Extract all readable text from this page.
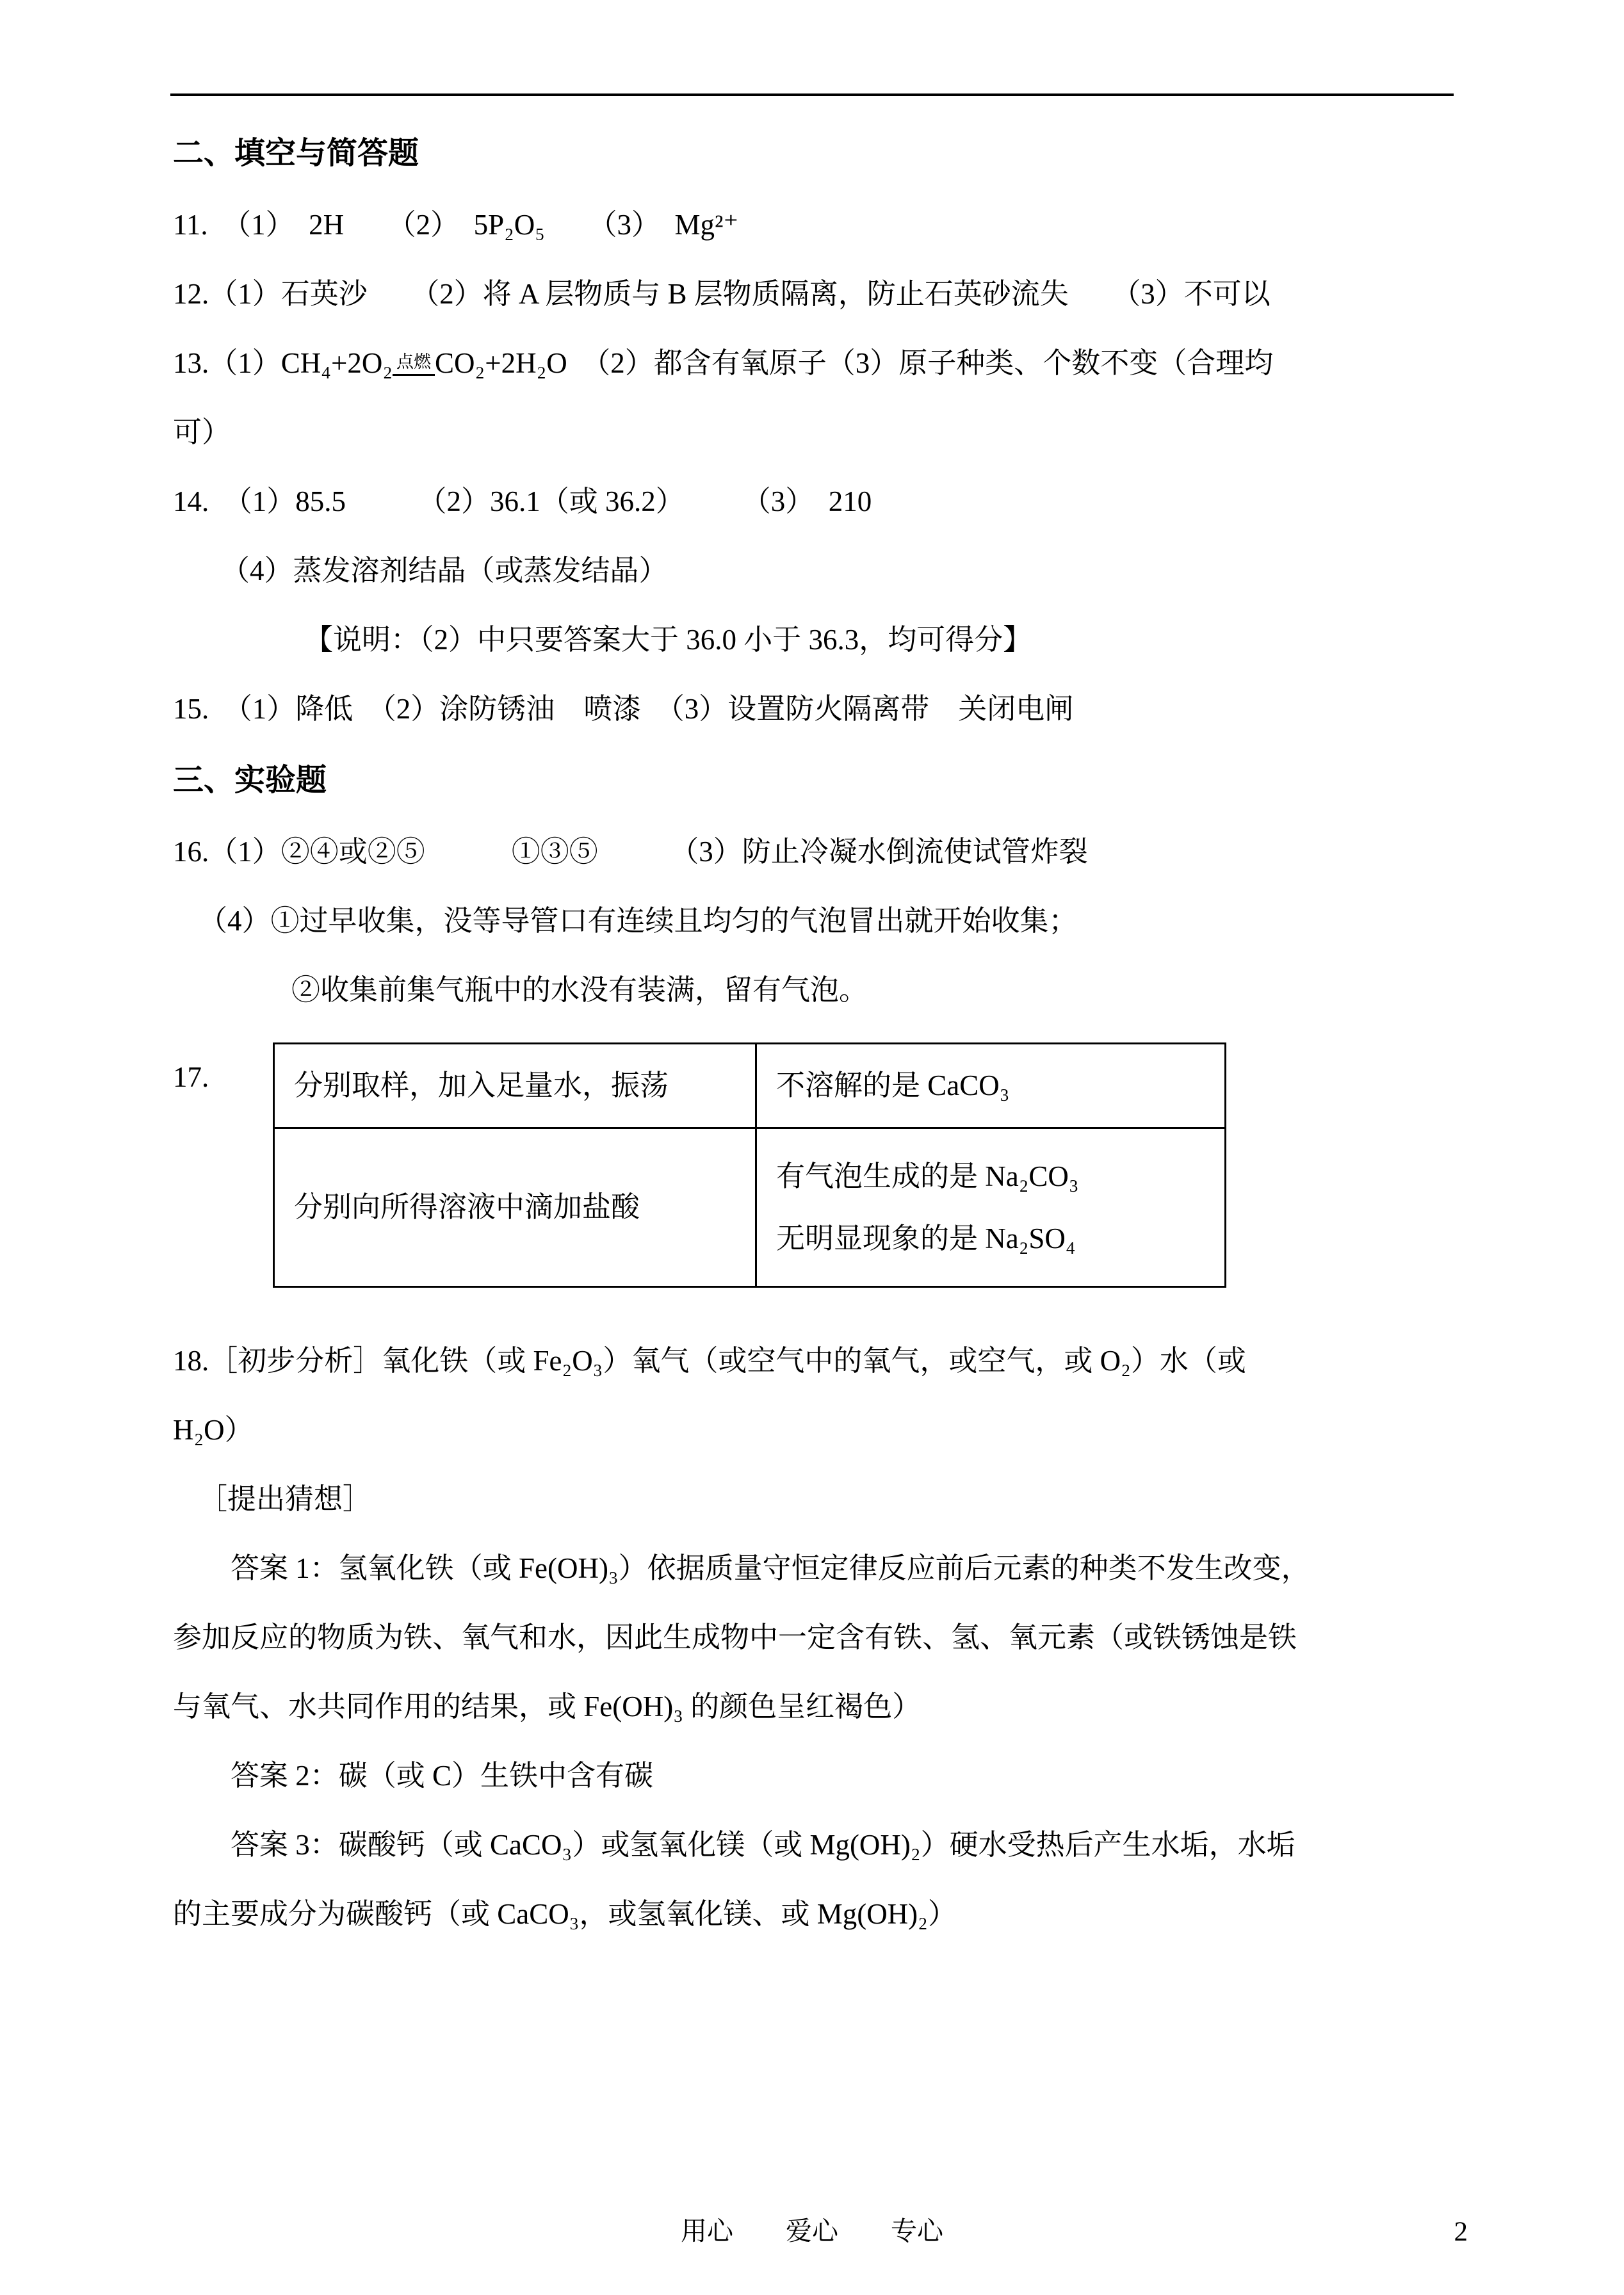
二、填空与简答题
11.　（1）　2H　　（2）　5P₂O₅　　（3）　Mg²⁺
12.（1）石英沙　　（2）将 A 层物质与 B 层物质隔离，防止石英砂流失　　（3）不可以
13.（1）CH₄+2O₂ 点燃 CO₂+2H₂O　（2）都含有氧原子（3）原子种类、个数不变（合理均
可）
14.　（1）85.5　　　（2）36.1（或 36.2）　　　（3）　210
（4）蒸发溶剂结晶（或蒸发结晶）
【说明：（2）中只要答案大于 36.0 小于 36.3，均可得分】
15.　（1）降低　（2）涂防锈油　喷漆　（3）设置防火隔离带　关闭电闸
三、实验题
16.（1）②④或②⑤　　　①③⑤　　　（3）防止冷凝水倒流使试管炸裂
（4）①过早收集，没等导管口有连续且均匀的气泡冒出就开始收集；
②收集前集气瓶中的水没有装满，留有气泡。
17.	分别取样，加入足量水，振荡	不溶解的是 CaCO₃
分别向所得溶液中滴加盐酸	有气泡生成的是 Na₂CO₃
无明显现象的是 Na₂SO₄
18.［初步分析］氧化铁（或 Fe₂O₃）氧气（或空气中的氧气，或空气，或 O₂）水（或
H₂O）
［提出猜想］
答案 1：氢氧化铁（或 Fe(OH)₃）依据质量守恒定律反应前后元素的种类不发生改变，
参加反应的物质为铁、氧气和水，因此生成物中一定含有铁、氢、氧元素（或铁锈蚀是铁
与氧气、水共同作用的结果，或 Fe(OH)₃ 的颜色呈红褐色）
答案 2：碳（或 C）生铁中含有碳
答案 3：碳酸钙（或 CaCO₃）或氢氧化镁（或 Mg(OH)₂）硬水受热后产生水垢，水垢
的主要成分为碳酸钙（或 CaCO₃，或氢氧化镁、或 Mg(OH)₂）
用心　　爱心　　专心	2
